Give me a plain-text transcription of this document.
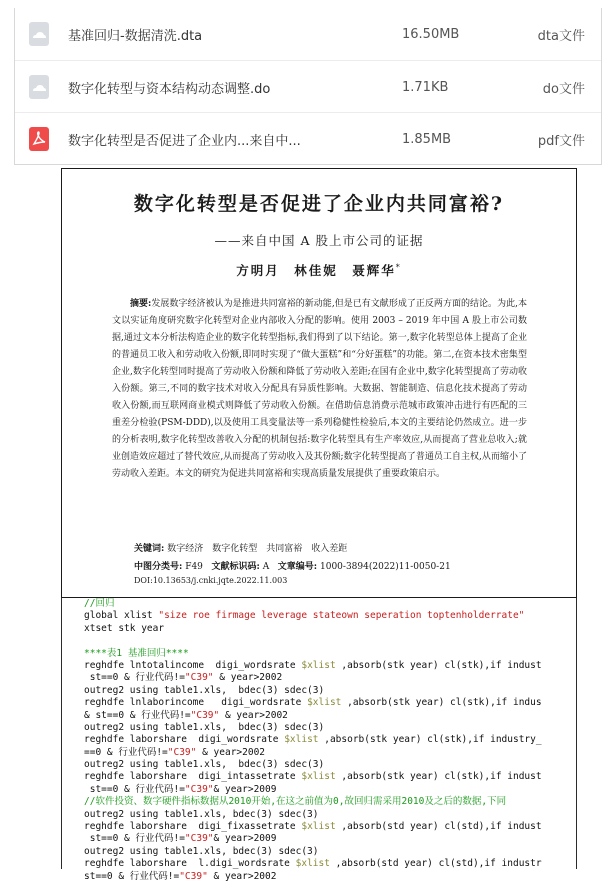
基准回归-数据清洗.dta	16.50MB	dta文件
数字化转型与资本结构动态调整.do	1.71KB	do文件
数字化转型是否促进了企业内...来自中...	1.85MB	pdf文件
数字化转型是否促进了企业内共同富裕?
——来自中国 A 股上市公司的证据
方明月　林佳妮　聂辉华*
摘要:发展数字经济被认为是推进共同富裕的新动能,但是已有文献形成了正反两方面的结论。为此,本文以实证角度研究数字化转型对企业内部收入分配的影响。使用 2003 – 2019 年中国 A 股上市公司数据,通过文本分析法构造企业的数字化转型指标,我们得到了以下结论。第一,数字化转型总体上提高了企业的普通员工收入和劳动收入份额,即同时实现了“做大蛋糕”和“分好蛋糕”的功能。第二,在资本技术密集型企业,数字化转型同时提高了劳动收入份额和降低了劳动收入差距;在国有企业中,数字化转型提高了劳动收入份额。第三,不同的数字技术对收入分配具有异质性影响。大数据、智能制造、信息化技术提高了劳动收入份额,而互联网商业模式则降低了劳动收入份额。在借助信息消费示范城市政策冲击进行有匹配的三重差分检验(PSM-DDD),以及使用工具变量法等一系列稳健性检验后,本文的主要结论仍然成立。进一步的分析表明,数字化转型改善收入分配的机制包括:数字化转型具有生产率效应,从而提高了营业总收入;就业创造效应超过了替代效应,从而提高了劳动收入及其份额;数字化转型提高了普通员工自主权,从而缩小了劳动收入差距。本文的研究为促进共同富裕和实现高质量发展提供了重要政策启示。
关键词: 数字经济　数字化转型　共同富裕　收入差距
中图分类号: F49 文献标识码: A 文章编号: 1000-3894(2022)11-0050-21
DOI:10.13653/j.cnki.jqte.2022.11.003
//回归
global xlist "size roe firmage leverage stateown seperation toptenholderrate"
xtset stk year
****表1 基准回归****
reghdfe lntotalincome  digi_wordsrate $xlist ,absorb(stk year) cl(stk),if indust
st==0 & 行业代码!="C39" & year>2002
outreg2 using table1.xls,  bdec(3) sdec(3)
reghdfe lnlaborincome   digi_wordsrate $xlist ,absorb(stk year) cl(stk),if indus
& st==0 & 行业代码!="C39" & year>2002
outreg2 using table1.xls,  bdec(3) sdec(3)
reghdfe laborshare  digi_wordsrate $xlist ,absorb(stk year) cl(stk),if industry_
==0 & 行业代码!="C39" & year>2002
outreg2 using table1.xls,  bdec(3) sdec(3)
reghdfe laborshare  digi_intassetrate $xlist ,absorb(stk year) cl(stk),if indust
st==0 & 行业代码!="C39"& year>2009
//软件投资、数字硬件指标数据从2010开始,在这之前值为0,故回归需采用2010及之后的数据,下同
outreg2 using table1.xls, bdec(3) sdec(3)
reghdfe laborshare  digi_fixassetrate $xlist ,absorb(std year) cl(std),if indust
st==0 & 行业代码!="C39"& year>2009
outreg2 using table1.xls, bdec(3) sdec(3)
reghdfe laborshare  l.digi_wordsrate $xlist ,absorb(std year) cl(std),if industr
st==0 & 行业代码!="C39" & year>2002
